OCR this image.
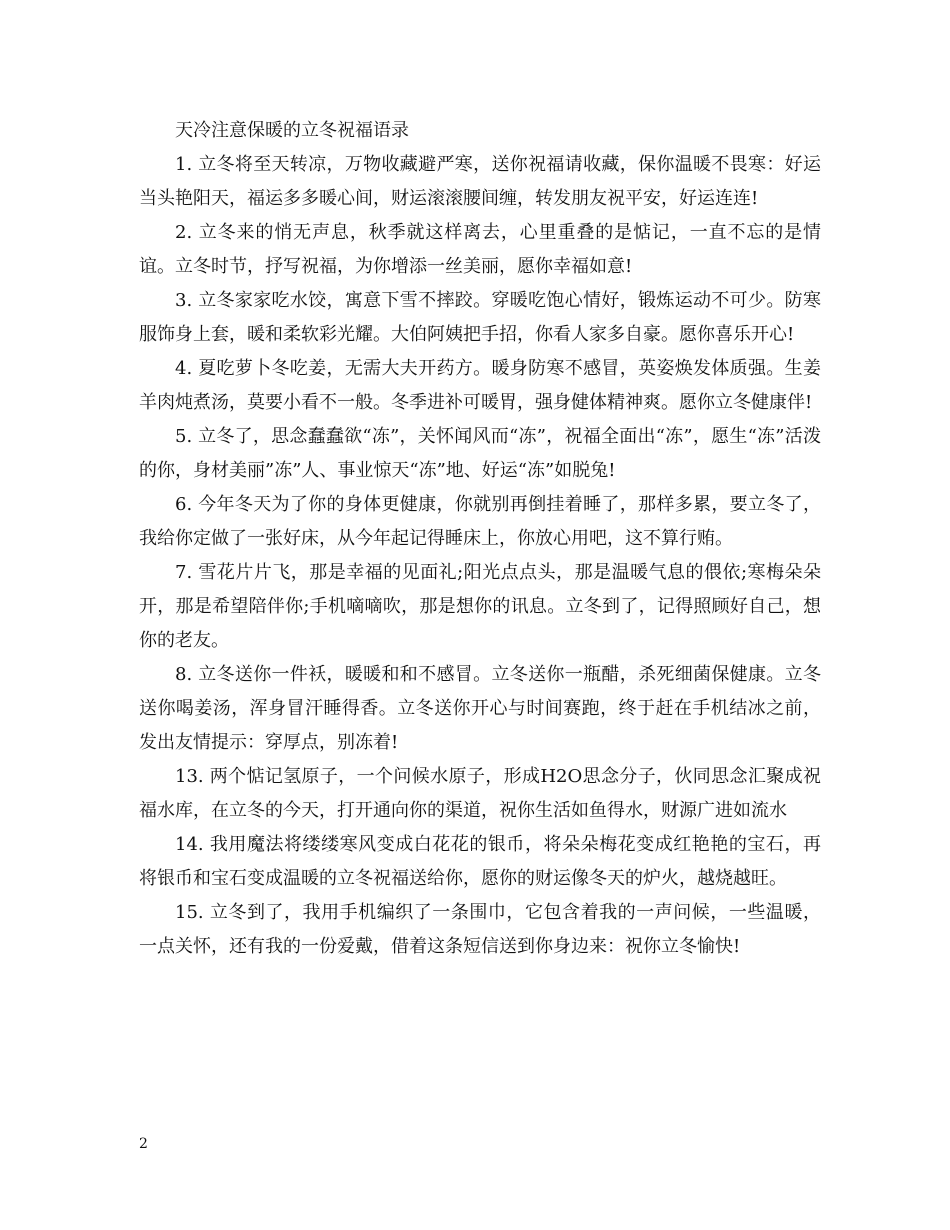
天冷注意保暖的立冬祝福语录

1. 立冬将至天转凉，万物收藏避严寒，送你祝福请收藏，保你温暖不畏寒：好运当头艳阳天，福运多多暖心间，财运滚滚腰间缠，转发朋友祝平安，好运连连!

2. 立冬来的悄无声息，秋季就这样离去，心里重叠的是惦记，一直不忘的是情谊。立冬时节，抒写祝福，为你增添一丝美丽，愿你幸福如意!

3. 立冬家家吃水饺，寓意下雪不摔跤。穿暖吃饱心情好，锻炼运动不可少。防寒服饰身上套，暖和柔软彩光耀。大伯阿姨把手招，你看人家多自豪。愿你喜乐开心!

4. 夏吃萝卜冬吃姜，无需大夫开药方。暖身防寒不感冒，英姿焕发体质强。生姜羊肉炖煮汤，莫要小看不一般。冬季进补可暖胃，强身健体精神爽。愿你立冬健康伴!

5. 立冬了，思念蠢蠢欲“冻”，关怀闻风而“冻”，祝福全面出“冻”，愿生“冻”活泼的你，身材美丽”冻”人、事业惊天“冻”地、好运“冻”如脱兔!

6. 今年冬天为了你的身体更健康，你就别再倒挂着睡了，那样多累，要立冬了，我给你定做了一张好床，从今年起记得睡床上，你放心用吧，这不算行贿。

7. 雪花片片飞，那是幸福的见面礼;阳光点点头，那是温暖气息的偎依;寒梅朵朵开，那是希望陪伴你;手机嘀嘀吹，那是想你的讯息。立冬到了，记得照顾好自己，想你的老友。

8. 立冬送你一件袄，暖暖和和不感冒。立冬送你一瓶醋，杀死细菌保健康。立冬送你喝姜汤，浑身冒汗睡得香。立冬送你开心与时间赛跑，终于赶在手机结冰之前，发出友情提示：穿厚点，别冻着!

13. 两个惦记氢原子，一个问候水原子，形成H2O思念分子，伙同思念汇聚成祝福水库，在立冬的今天，打开通向你的渠道，祝你生活如鱼得水，财源广进如流水

14. 我用魔法将缕缕寒风变成白花花的银币，将朵朵梅花变成红艳艳的宝石，再将银币和宝石变成温暖的立冬祝福送给你，愿你的财运像冬天的炉火，越烧越旺。

15. 立冬到了，我用手机编织了一条围巾，它包含着我的一声问候，一些温暖，一点关怀，还有我的一份爱戴，借着这条短信送到你身边来：祝你立冬愉快!

2
